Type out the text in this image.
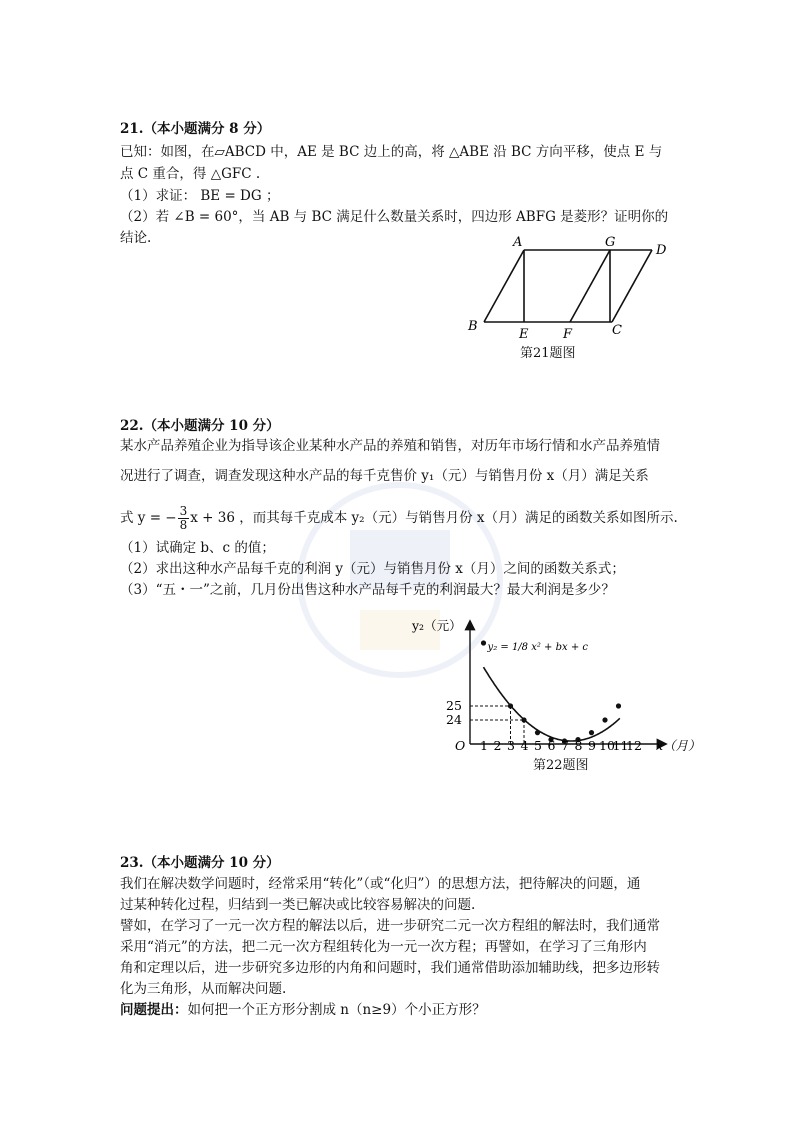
21.（本小题满分 8 分）
已知：如图，在▱ABCD 中，AE 是 BC 边上的高，将 △ABE 沿 BC 方向平移，使点 E 与
点 C 重合，得 △GFC .
（1）求证： BE = DG ；
（2）若 ∠B = 60°，当 AB 与 BC 满足什么数量关系时，四边形 ABFG 是菱形？证明你的
结论.	A	G
D
B
E	F	C
第21题图
22.（本小题满分 10 分）
某水产品养殖企业为指导该企业某种水产品的养殖和销售，对历年市场行情和水产品养殖情
况进行了调查，调查发现这种水产品的每千克售价 y₁（元）与销售月份 x（月）满足关系
式 y = − $\frac{3}{8}$ x + 36 ，而其每千克成本 y₂（元）与销售月份 x（月）满足的函数关系如图所示.
（1）试确定 b、c 的值；
（2）求出这种水产品每千克的利润 y（元）与销售月份 x（月）之间的函数关系式；
（3）“五・一”之前，几月份出售这种水产品每千克的利润最大？最大利润是多少？
y₂（元）
x（月）
O 1 2 3 4 5 6 7 8 9 10
11
12
25
24
y₂ = 1/8 x² + bx + c
第22题图
23.（本小题满分 10 分）
我们在解决数学问题时，经常采用“转化”（或“化归”）的思想方法，把待解决的问题，通
过某种转化过程，归结到一类已解决或比较容易解决的问题.
譬如，在学习了一元一次方程的解法以后，进一步研究二元一次方程组的解法时，我们通常
采用“消元”的方法，把二元一次方程组转化为一元一次方程；再譬如，在学习了三角形内
角和定理以后，进一步研究多边形的内角和问题时，我们通常借助添加辅助线，把多边形转
化为三角形，从而解决问题.
问题提出：如何把一个正方形分割成 n（n≥9）个小正方形？
